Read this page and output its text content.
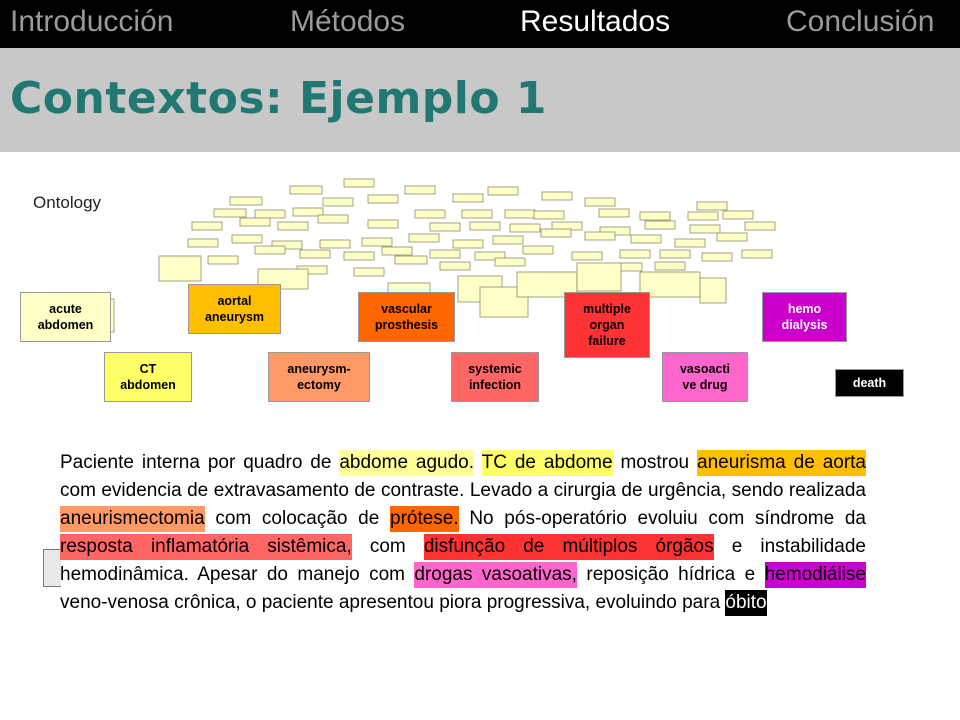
Introducción	Métodos	Resultados	Conclusión
Contextos: Ejemplo 1
Ontology
acute
abdomen
CT
abdomen
aortal
aneurysm
aneurysm-
ectomy
vascular
prosthesis
systemic
infection
multiple
organ
failure
vasoacti
ve drug
hemo
dialysis
death
Paciente interna por quadro de abdome agudo. TC de abdome mostrou aneurisma de aorta com evidencia de extravasamento de contraste. Levado a cirurgia de urgência, sendo realizada aneurismectomia com colocação de prótese. No pós-operatório evoluiu com síndrome da resposta inflamatória sistêmica, com disfunção de múltiplos órgãos e instabilidade hemodinâmica. Apesar do manejo com drogas vasoativas, reposição hídrica e hemodiálise veno-venosa crônica, o paciente apresentou piora progressiva, evoluindo para óbito
